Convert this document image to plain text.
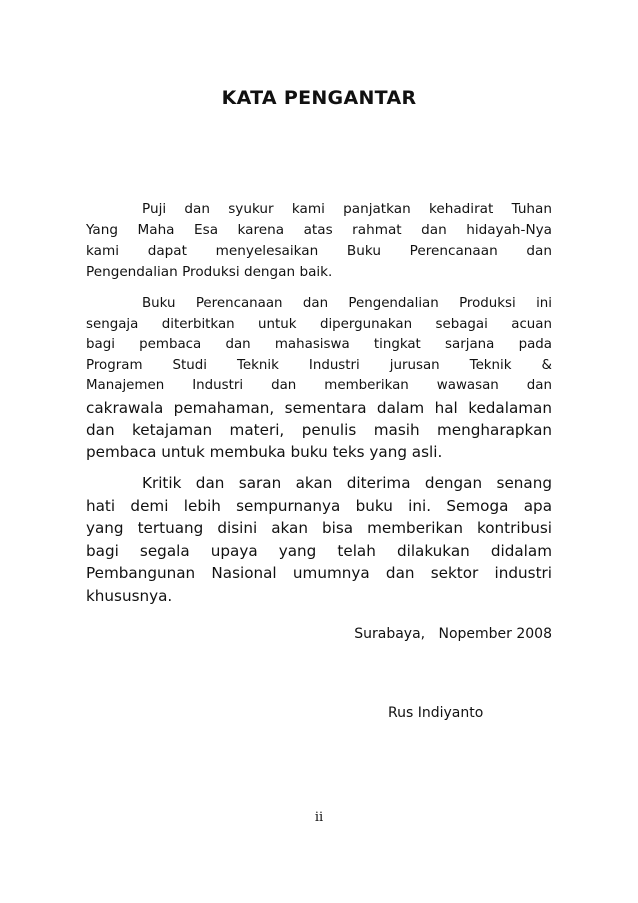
KATA PENGANTAR
Puji dan syukur kami panjatkan kehadirat Tuhan
Yang Maha Esa karena atas rahmat dan hidayah-Nya
kami dapat menyelesaikan Buku Perencanaan dan
Pengendalian Produksi dengan baik.
Buku Perencanaan dan Pengendalian Produksi ini
sengaja diterbitkan untuk dipergunakan sebagai acuan
bagi pembaca dan mahasiswa tingkat sarjana pada
Program Studi Teknik Industri jurusan Teknik &
Manajemen Industri dan memberikan wawasan dan
cakrawala pemahaman, sementara dalam hal kedalaman
dan ketajaman materi, penulis masih mengharapkan
pembaca untuk membuka buku teks yang asli.
Kritik dan saran akan diterima dengan senang
hati demi lebih sempurnanya buku ini. Semoga apa
yang tertuang disini akan bisa memberikan kontribusi
bagi segala upaya yang telah dilakukan didalam
Pembangunan Nasional umumnya dan sektor industri
khususnya.
Surabaya,   Nopember 2008
Rus Indiyanto
ii
